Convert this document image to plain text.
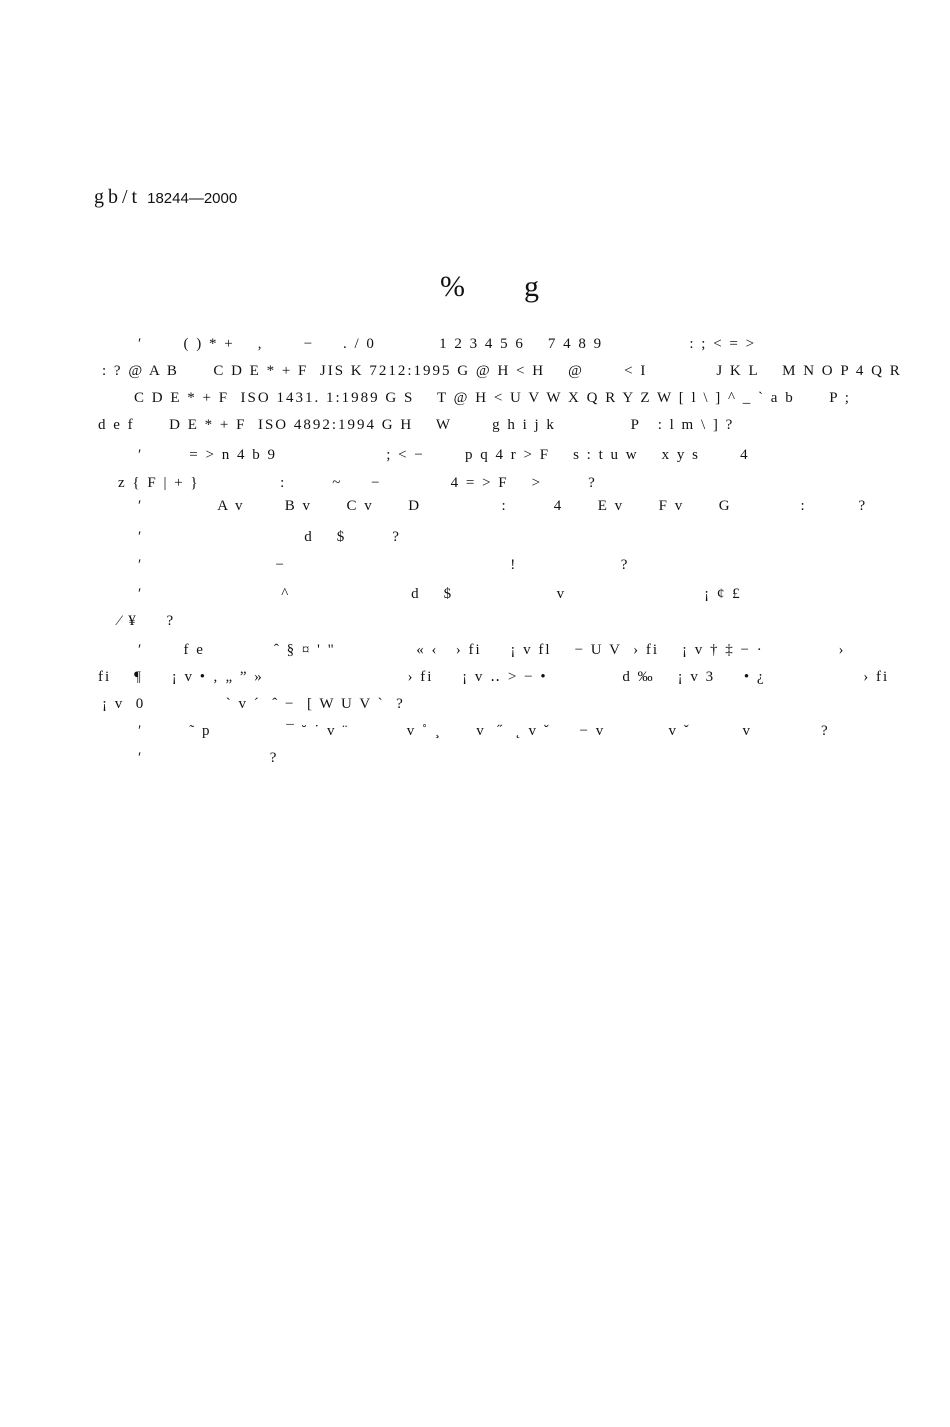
gb/t 18244—2000
%      g
′       ( ) * +    ,       −     . / 0           1 2 3 4 5 6    7 4 8 9               : ; < = >
: ? @ A B      C D E * + F  JIS K 7212:1995 G @ H < H    @       < I            J K L    M N O P 4 Q R
C D E * + F  ISO 1431. 1:1989 G S    T @ H < U V W X Q R Y Z W [ l \ ] ^ _ ` a b      P ;
d e f      D E * + F  ISO 4892:1994 G H    W       g h i j k             P   : l m \ ] ?
′        = > n 4 b 9                   ; < −       p q 4 r > F    s : t u w    x y s       4
z { F | + }              :        ~     −            4 = > F    >        ?
′             A v       B v      C v      D              :        4      E v      F v      G            :         ?
′                            d    $        ?
′                       −                                       !                  ?
′                        ^                     d    $                  v                        ¡ ¢ £
⁄ ¥     ?
′       f e            ˆ § ¤ ' "              « ‹   › fi     ¡ v fl    − U V  › fi    ¡ v † ‡ − ·             ›
fi    ¶     ¡ v • ‚ „ ” »                         › fi     ¡ v ‥ > − •             d ‰    ¡ v 3     • ¿                 › fi
¡ v  0              ` v ´  ˆ −  [ W U V `  ?
′        ˜ p             ¯ ˘ ˙ v ¨          v ˚ ¸      v  ˝  ˛ v ˇ     − v           v ˇ         v            ?
′                      ?
